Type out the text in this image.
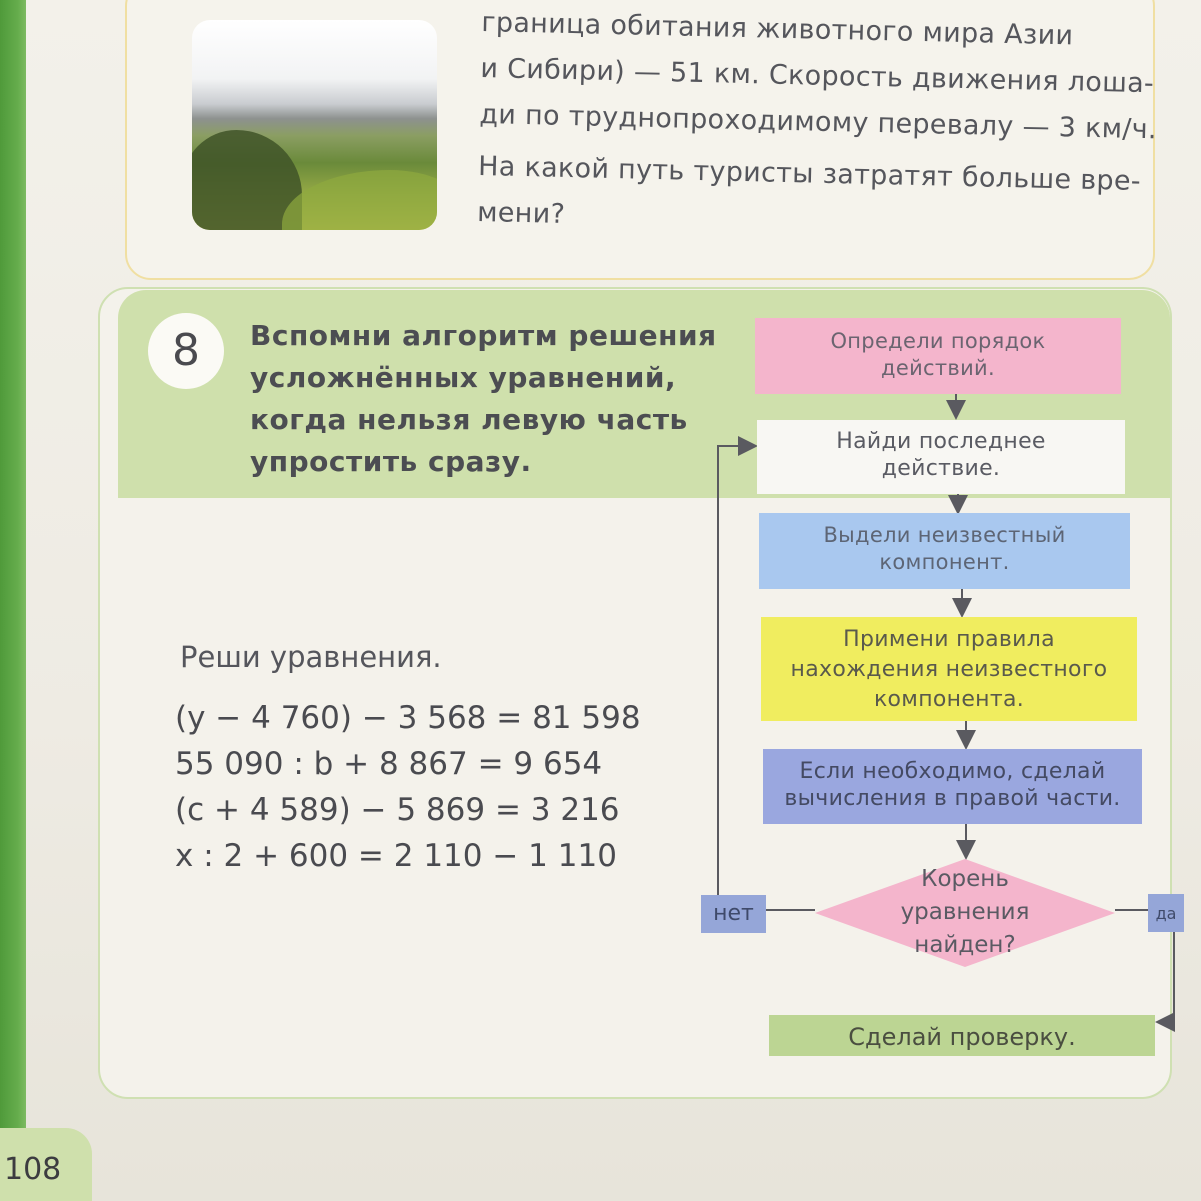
граница обитания животного мира Азии
и Сибири) — 51 км. Скорость движения лоша-
ди по труднопроходимому перевалу — 3 км/ч.
На какой путь туристы затратят больше вре-
мени?
8	Вспомни алгоритм решения
усложнённых уравнений,
когда нельзя левую часть
упростить сразу.
Реши уравнения.
(y − 4 760) − 3 568 = 81 598
55 090 : b + 8 867 = 9 654
(c + 4 589) − 5 869 = 3 216
x : 2 + 600 = 2 110 − 1 110
Определи порядок
действий.
Найди последнее
действие.
Выдели неизвестный
компонент.
Примени правила
нахождения неизвестного
компонента.
Если необходимо, сделай
вычисления в правой части.
Корень
уравнения
найден?
нет	да
Сделай проверку.
108
